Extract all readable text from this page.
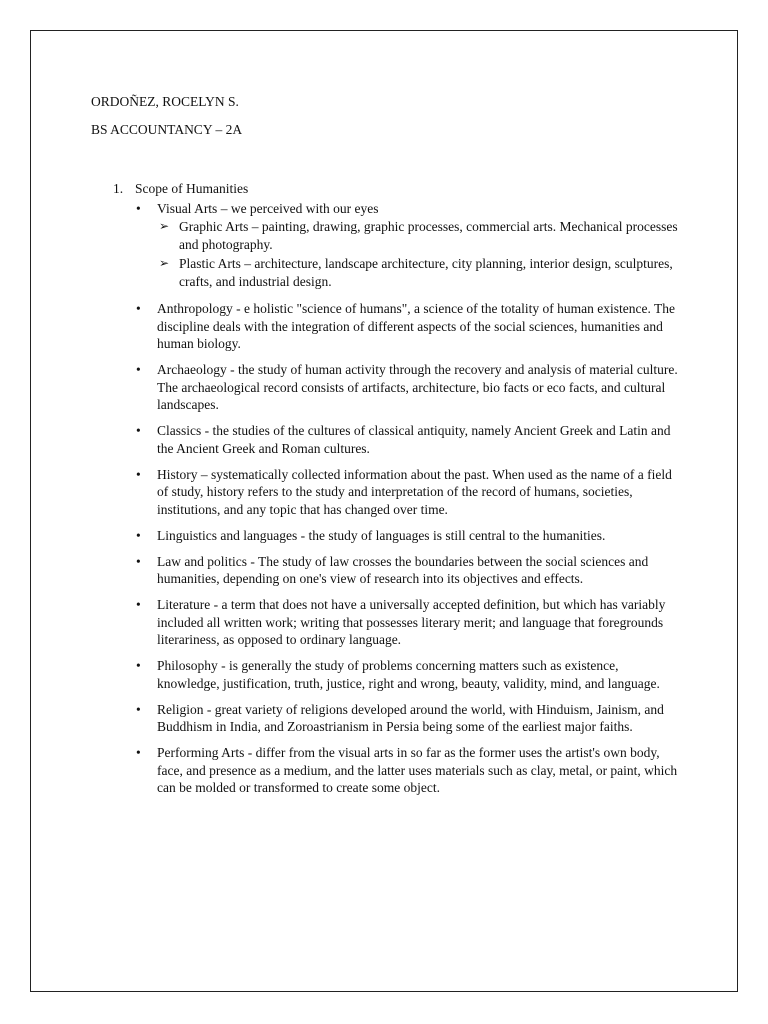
ORDOÑEZ, ROCELYN S.
BS ACCOUNTANCY – 2A
1. Scope of Humanities
• Visual Arts – we perceived with our eyes
➢ Graphic Arts – painting, drawing, graphic processes, commercial arts. Mechanical processes and photography.
➢ Plastic Arts – architecture, landscape architecture, city planning, interior design, sculptures, crafts, and industrial design.
• Anthropology - e holistic "science of humans", a science of the totality of human existence. The discipline deals with the integration of different aspects of the social sciences, humanities and human biology.
• Archaeology - the study of human activity through the recovery and analysis of material culture. The archaeological record consists of artifacts, architecture, bio facts or eco facts, and cultural landscapes.
• Classics - the studies of the cultures of classical antiquity, namely Ancient Greek and Latin and the Ancient Greek and Roman cultures.
• History – systematically collected information about the past. When used as the name of a field of study, history refers to the study and interpretation of the record of humans, societies, institutions, and any topic that has changed over time.
• Linguistics and languages - the study of languages is still central to the humanities.
• Law and politics - The study of law crosses the boundaries between the social sciences and humanities, depending on one's view of research into its objectives and effects.
• Literature - a term that does not have a universally accepted definition, but which has variably included all written work; writing that possesses literary merit; and language that foregrounds literariness, as opposed to ordinary language.
• Philosophy - is generally the study of problems concerning matters such as existence, knowledge, justification, truth, justice, right and wrong, beauty, validity, mind, and language.
• Religion - great variety of religions developed around the world, with Hinduism, Jainism, and Buddhism in India, and Zoroastrianism in Persia being some of the earliest major faiths.
• Performing Arts - differ from the visual arts in so far as the former uses the artist's own body, face, and presence as a medium, and the latter uses materials such as clay, metal, or paint, which can be molded or transformed to create some object.
